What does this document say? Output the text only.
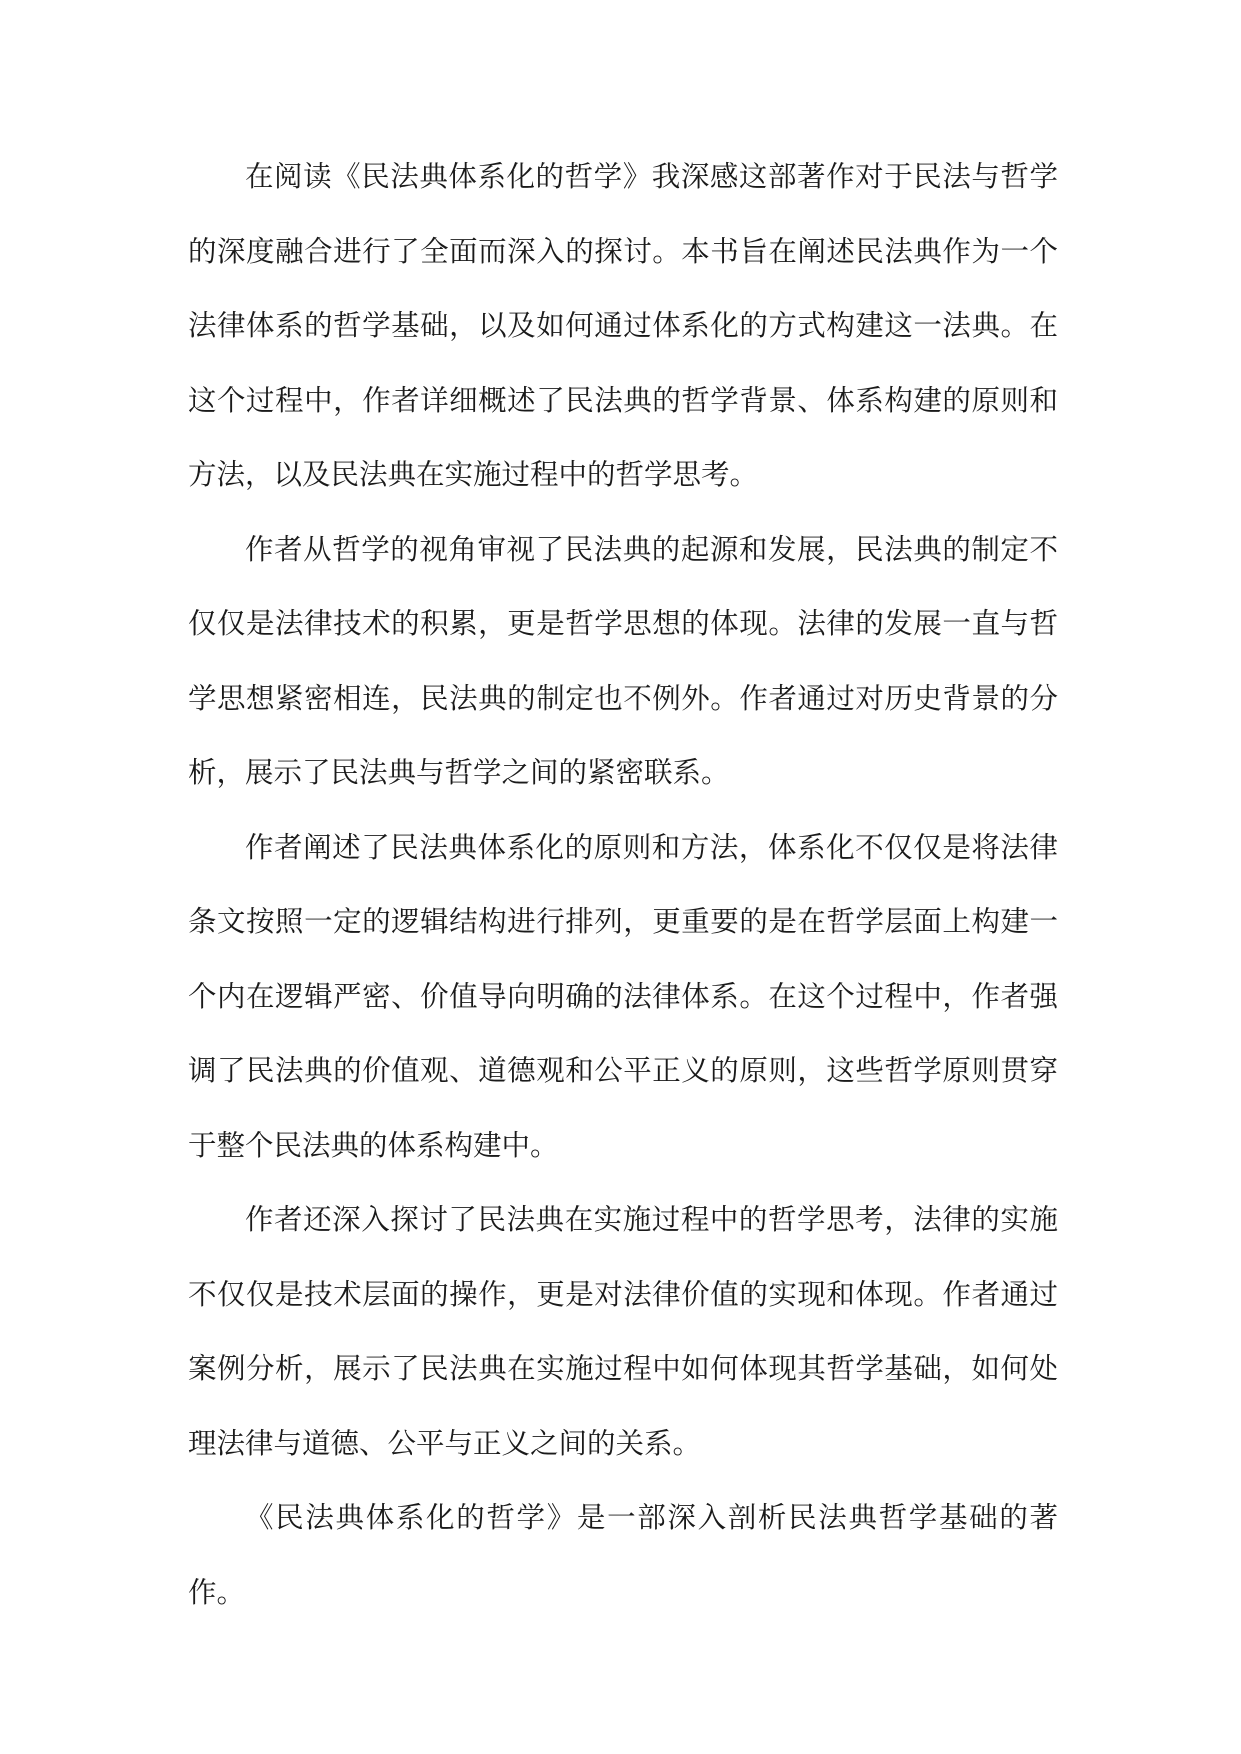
在阅读《民法典体系化的哲学》我深感这部著作对于民法与哲学的深度融合进行了全面而深入的探讨。本书旨在阐述民法典作为一个法律体系的哲学基础，以及如何通过体系化的方式构建这一法典。在这个过程中，作者详细概述了民法典的哲学背景、体系构建的原则和方法，以及民法典在实施过程中的哲学思考。

作者从哲学的视角审视了民法典的起源和发展，民法典的制定不仅仅是法律技术的积累，更是哲学思想的体现。法律的发展一直与哲学思想紧密相连，民法典的制定也不例外。作者通过对历史背景的分析，展示了民法典与哲学之间的紧密联系。

作者阐述了民法典体系化的原则和方法，体系化不仅仅是将法律条文按照一定的逻辑结构进行排列，更重要的是在哲学层面上构建一个内在逻辑严密、价值导向明确的法律体系。在这个过程中，作者强调了民法典的价值观、道德观和公平正义的原则，这些哲学原则贯穿于整个民法典的体系构建中。

作者还深入探讨了民法典在实施过程中的哲学思考，法律的实施不仅仅是技术层面的操作，更是对法律价值的实现和体现。作者通过案例分析，展示了民法典在实施过程中如何体现其哲学基础，如何处理法律与道德、公平与正义之间的关系。

《民法典体系化的哲学》是一部深入剖析民法典哲学基础的著作。
